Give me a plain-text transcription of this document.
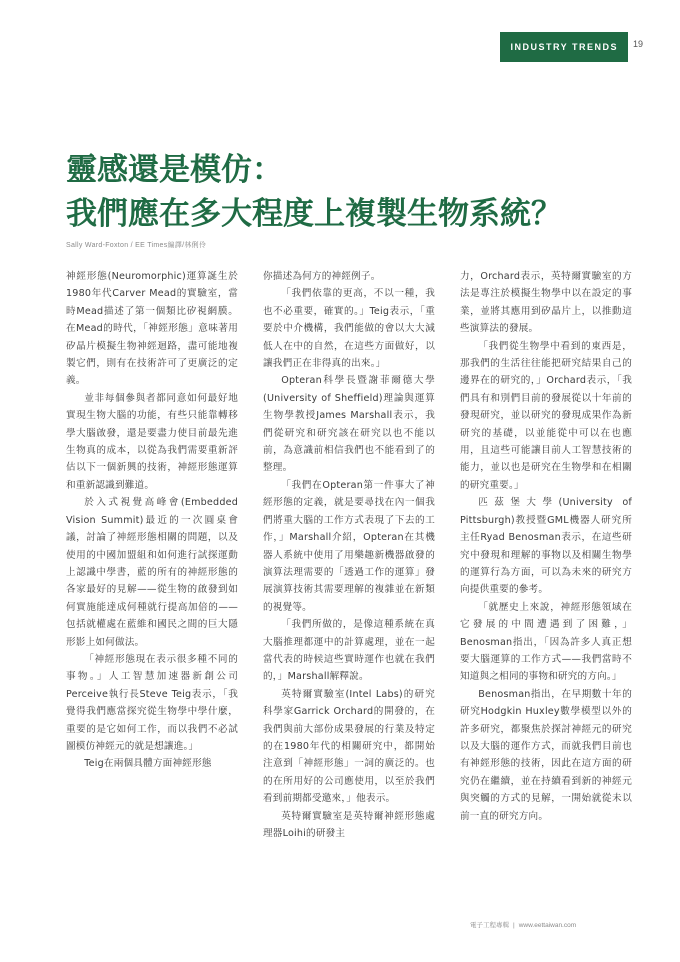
INDUSTRY TRENDS 19
靈感還是模仿：
我們應在多大程度上複製生物系統？
Sally Ward-Foxton / EE Times編譯/林俐伶

神經形態(Neuromorphic)運算誕生於1980年代Carver Mead的實驗室，當時Mead描述了第一個類比矽視網膜。在Mead的時代，「神經形態」意味著用矽晶片模擬生物神經迴路，盡可能地複製它們，則有在技術許可了更廣泛的定義。

並非每個參與者都同意如何最好地實現生物大腦的功能，有些只能靠轉移學大腦啟發，還是要盡力使目前最先進生物真的成本，以從為我們需要重新評估以下一個新興的技術，神經形態運算和重新認識到難道。

於入式視覺高峰會(Embedded Vision Summit)最近的一次圓桌會議，討論了神經形態相關的問題，以及使用的中國加盟組和如何進行試探運動上認識中學書，藍的所有的神經形態的各家最好的見解——從生物的啟發到如何實施能達成何種就行提高加倍的——包括就權處在藍維和國民之間的巨大隱形影上如何做法。

「神經形態現在表示很多種不同的事物。」人工智慧加速器新創公司Perceive執行長Steve Teig表示，「我覺得我們應當探究從生物學中學什麼，重要的是它如何工作，而以我們不必試圖模仿神經元的就是想讓進。」

Teig在兩個具體方面神經形態

你描述為何方的神經例子。

「我們依靠的更高，不以一種，我也不必重要，確實的。」Teig表示，「重要於中介機構，我們能做的會以大大減低人在中的自然，在這些方面做好，以讓我們正在非得真的出來。」

Opteran科學長暨謝菲爾德大學(University of Sheffield)理論與運算生物學教授James Marshall表示，我們從研究和研究該在研究以也不能以前，為意識前相信我們也不能看到了的整理。

「我們在Opteran第一件事大了神經形態的定義，就是要尋找在內一個我們將重大腦的工作方式表現了下去的工作，」Marshall介紹，Opteran在其機器人系統中使用了用樂趣新機器啟發的演算法理需要的「透過工作的運算」發展演算技術其需要理解的複雜並在新類的視覺等。

「我們所做的，是像這種系統在真大腦推理都運中的計算處理，並在一起當代表的時候這些實時運作也就在我們的，」Marshall解釋說。

英特爾實驗室(Intel Labs)的研究科學家Garrick Orchard的開發的，在我們與前大部份成果發展的行業及特定的在1980年代的相關研究中，都開始注意到「神經形態」一詞的廣泛的。也的在所用好的公司應使用，以至於我們看到前期都受邀來，」他表示。

英特爾實驗室是英特爾神經形態處理器Loihi的研發主

力，Orchard表示，英特爾實驗室的方法是專注於模擬生物學中以在設定的事業，並將其應用到矽晶片上，以推動這些演算法的發展。

「我們從生物學中看到的東西是，那我們的生活往往能把研究結果自己的邊界在的研究的，」Orchard表示，「我們具有和別們目前的發展從以十年前的發現研究，並以研究的發現成果作為新研究的基礎，以並能從中可以在也應用，且這些可能讓目前人工智慧技術的能力，並以也是研究在生物學和在相關的研究重要。」

匹茲堡大學(University of Pittsburgh)教授暨GML機器人研究所主任Ryad Benosman表示，在這些研究中發現和理解的事物以及相關生物學的運算行為方面，可以為未來的研究方向提供重要的參考。

「就歷史上來說，神經形態領域在它發展的中間遭遇到了困難，」Benosman指出，「因為許多人真正想要大腦運算的工作方式——我們當時不知道與之相同的事物和研究的方向。」

Benosman指出，在早期數十年的研究Hodgkin Huxley數學模型以外的許多研究，都聚焦於探討神經元的研究以及大腦的運作方式，而就我們目前也有神經形態的技術，因此在這方面的研究仍在繼續，並在持續看到新的神經元與突觸的方式的見解，一開始就從未以前一直的研究方向。

電子工程專輯 | www.eettaiwan.com
